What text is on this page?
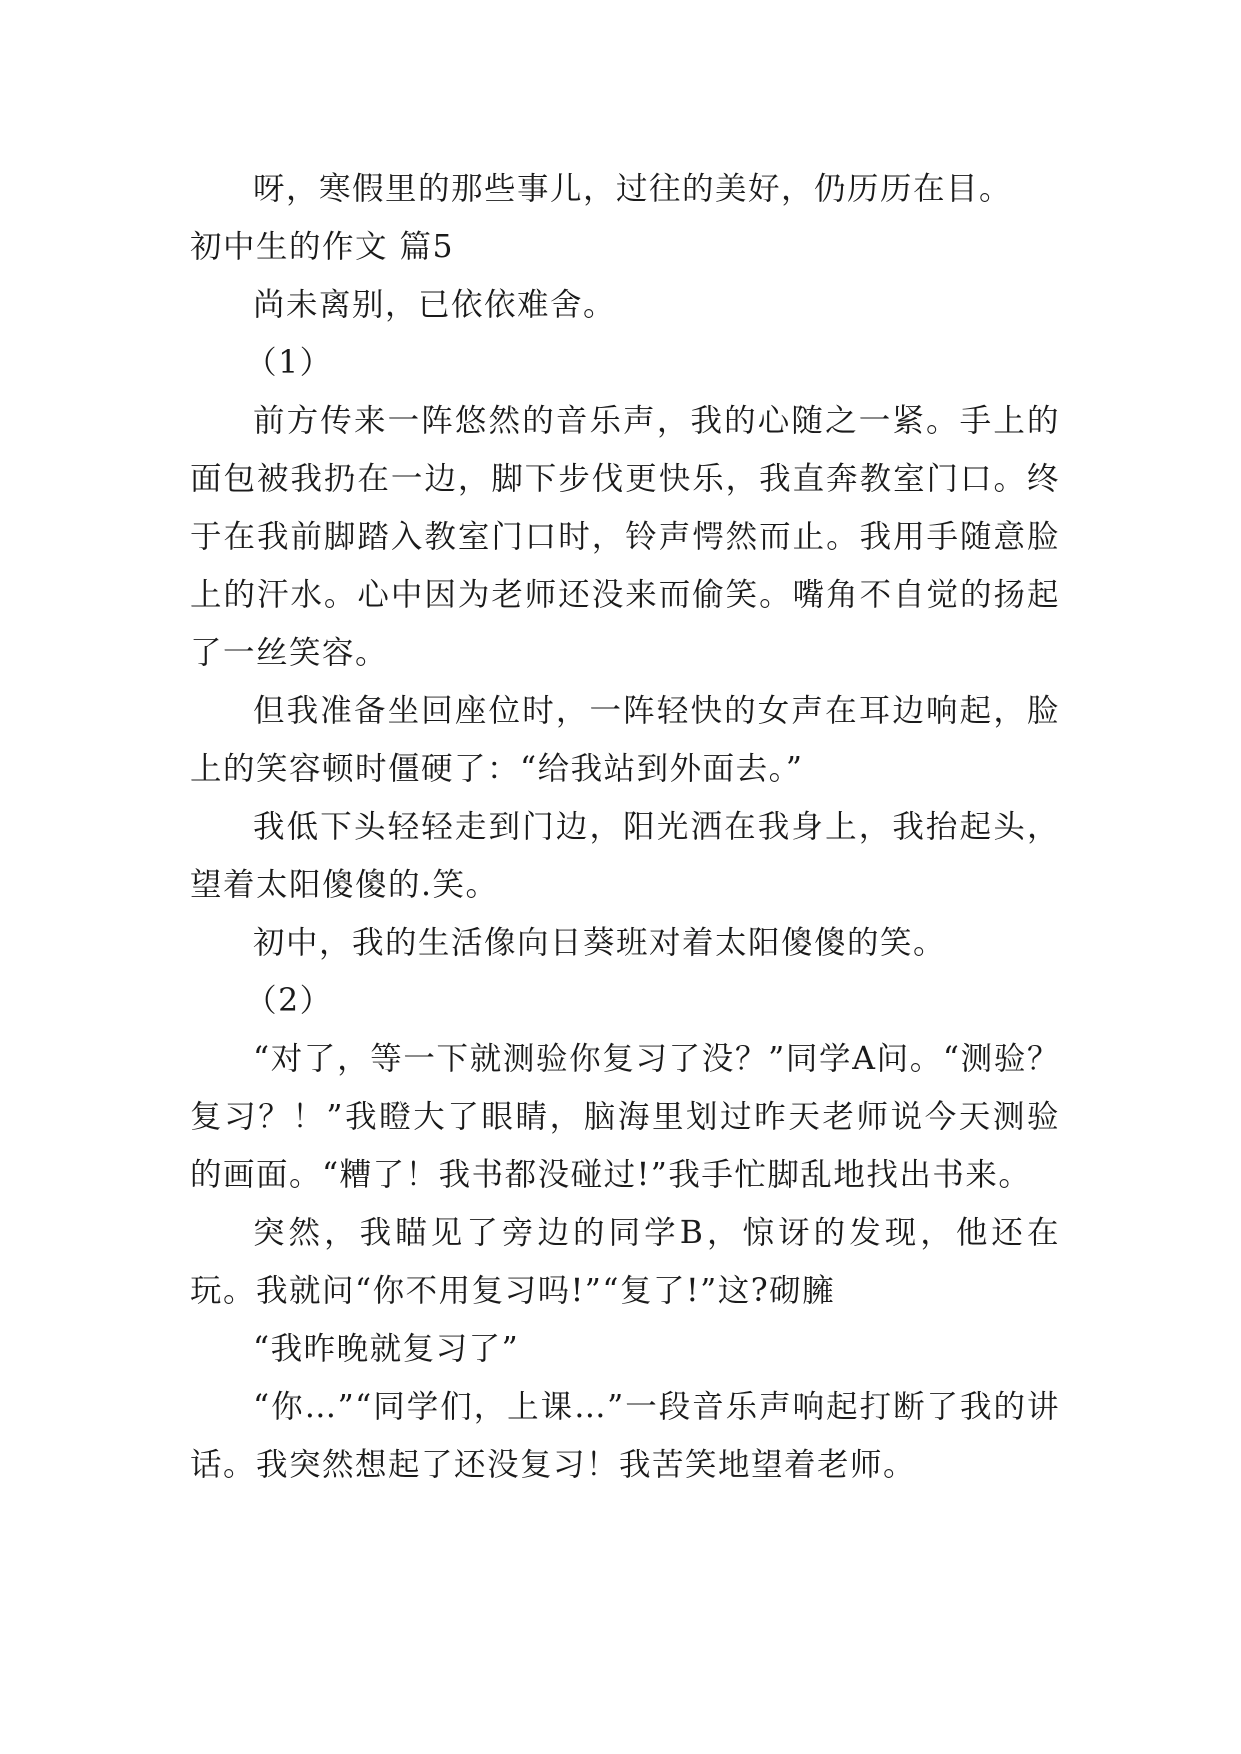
呀，寒假里的那些事儿，过往的美好，仍历历在目。

初中生的作文 篇5

尚未离别，已依依难舍。

（1）

前方传来一阵悠然的音乐声，我的心随之一紧。手上的面包被我扔在一边，脚下步伐更快乐，我直奔教室门口。终于在我前脚踏入教室门口时，铃声愕然而止。我用手随意脸上的汗水。心中因为老师还没来而偷笑。嘴角不自觉的扬起了一丝笑容。

但我准备坐回座位时，一阵轻快的女声在耳边响起，脸上的笑容顿时僵硬了：“给我站到外面去。”

我低下头轻轻走到门边，阳光洒在我身上，我抬起头，望着太阳傻傻的.笑。

初中，我的生活像向日葵班对着太阳傻傻的笑。

（2）

“对了，等一下就测验你复习了没？”同学A问。“测验？复习？！”我瞪大了眼睛，脑海里划过昨天老师说今天测验的画面。“糟了！我书都没碰过!”我手忙脚乱地找出书来。

突然，我瞄见了旁边的同学B，惊讶的发现，他还在玩。我就问“你不用复习吗!”“复了!”这?砌臃

“我昨晚就复习了”

“你…”“同学们，上课…”一段音乐声响起打断了我的讲话。我突然想起了还没复习！我苦笑地望着老师。
